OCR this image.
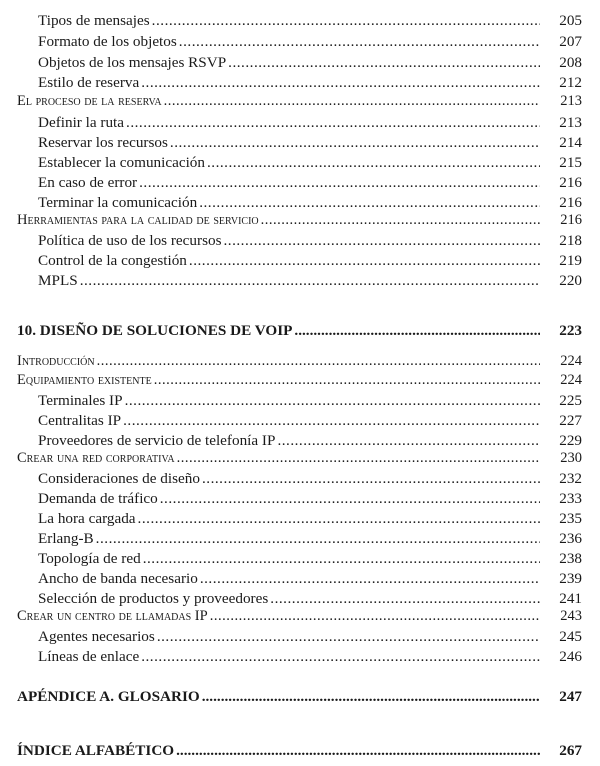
Tipos de mensajes .....	205
Formato de los objetos .....	207
Objetos de los mensajes RSVP .....	208
Estilo de reserva .....	212
El proceso de la reserva .....	213
Definir la ruta .....	213
Reservar los recursos .....	214
Establecer la comunicación .....	215
En caso de error .....	216
Terminar la comunicación .....	216
Herramientas para la calidad de servicio .....	216
Política de uso de los recursos .....	218
Control de la congestión .....	219
MPLS .....	220
10. DISEÑO DE SOLUCIONES DE VOIP .....	223
Introducción .....	224
Equipamiento existente .....	224
Terminales IP .....	225
Centralitas IP .....	227
Proveedores de servicio de telefonía IP .....	229
Crear una red corporativa .....	230
Consideraciones de diseño .....	232
Demanda de tráfico .....	233
La hora cargada .....	235
Erlang-B .....	236
Topología de red .....	238
Ancho de banda necesario .....	239
Selección de productos y proveedores .....	241
Crear un centro de llamadas IP .....	243
Agentes necesarios .....	245
Líneas de enlace .....	246
APÉNDICE A. GLOSARIO .....	247
ÍNDICE ALFABÉTICO .....	267
